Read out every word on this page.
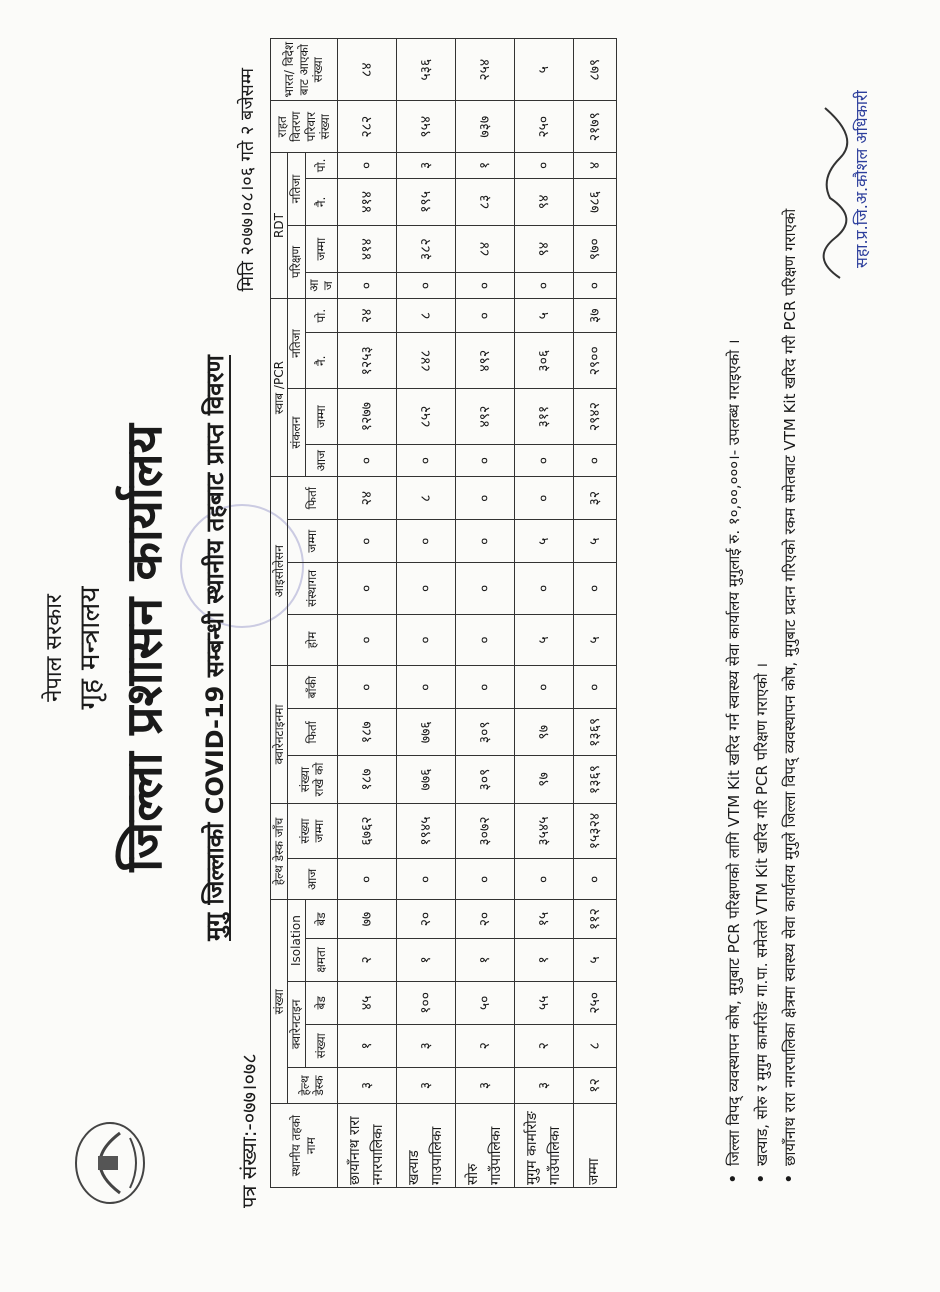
नेपाल सरकार गृह मन्त्रालय जिल्ला प्रशासन कार्यालय मुगु जिल्लाको COVID-19 सम्बन्धी स्थानीय तहबाट प्राप्त विवरण
पत्र संख्या:-०७७।०७८
मिति २०७७।०८।०६ गते २ बजेसम्म
स्थानीय तहको नाम	संख्या					हेल्थ डेस्क जाँच		क्वारेनटाइनमा			आइसोलेसन				स्वाब /PCR				RDT				राहत वितरण परिवार संख्या	भारत/ विदेश बाट आएको संख्या
	हेल्थ डेस्क	क्वारेनटाइन		Isolation		आज	संख्या जम्मा	संख्या राखे को	फिर्ता	बाँकी	होम	संस्थागत	जम्मा	फिर्ता	संकलन		नतिजा		परिक्षण		नतिजा			
		संख्या	बेड	क्षमता	बेड										आज	जम्मा	नै.	पो.	आ ज	जम्मा	नै.	पो.		
छायाँनाथ रारा नगरपालिका	३	१	४५	२	७७	०	६७६२	१८७	१८७	०	०	०	०	२४	०	१२७७	१२५३	२४	०	४१४	४१४	०	२८२	८४
खत्याड गाउपालिका	३	३	१००	१	२०	०	१९४५	७७६	७७६	०	०	०	०	८	०	८५२	८४८	८	०	३८२	१९५	३	९५४	५३६
सोरु गाउँपालिका	३	२	५०	१	२०	०	३०७२	३०९	३०९	०	०	०	०	०	०	४९२	४९२	०	०	८४	८३	१	७३७	२५४
मुगुम कार्मारोङ गाउँपालिका	३	२	५५	१	१५	०	३५४५	९७	९७	०	५	०	५	०	०	३११	३०६	५	०	९४	९४	०	२५०	५
जम्मा	१२	८	२५०	५	११२	०	१५३२४	१३६९	१३६९	०	५	०	५	३२	०	२९४२	२९००	३७	०	९७०	७८६	४	२१७९	८७९
• जिल्ला विपद् व्यवस्थापन कोष, मुगुबाट PCR परिक्षणको लागि VTM Kit खरिद गर्न स्वास्थ्य सेवा कार्यालय मुगुलाई रु. १०,००,०००।- उपलब्ध गराइएको । • खत्याड, सोरु र मुगुम कार्मारोङ गा.पा. समेतले VTM Kit खरिद गरि PCR परिक्षण गराएको । • छायाँनाथ रारा नगरपालिका क्षेत्रमा स्वास्थ्य सेवा कार्यालय मुगुले जिल्ला विपद् व्यवस्थापन कोष, मुगुबाट प्रदान गरिएको रकम समेतबाट VTM Kit खरिद गरी PCR परिक्षण गराएको
सहा.प्र.जि.अ.कौशल अधिकारी
